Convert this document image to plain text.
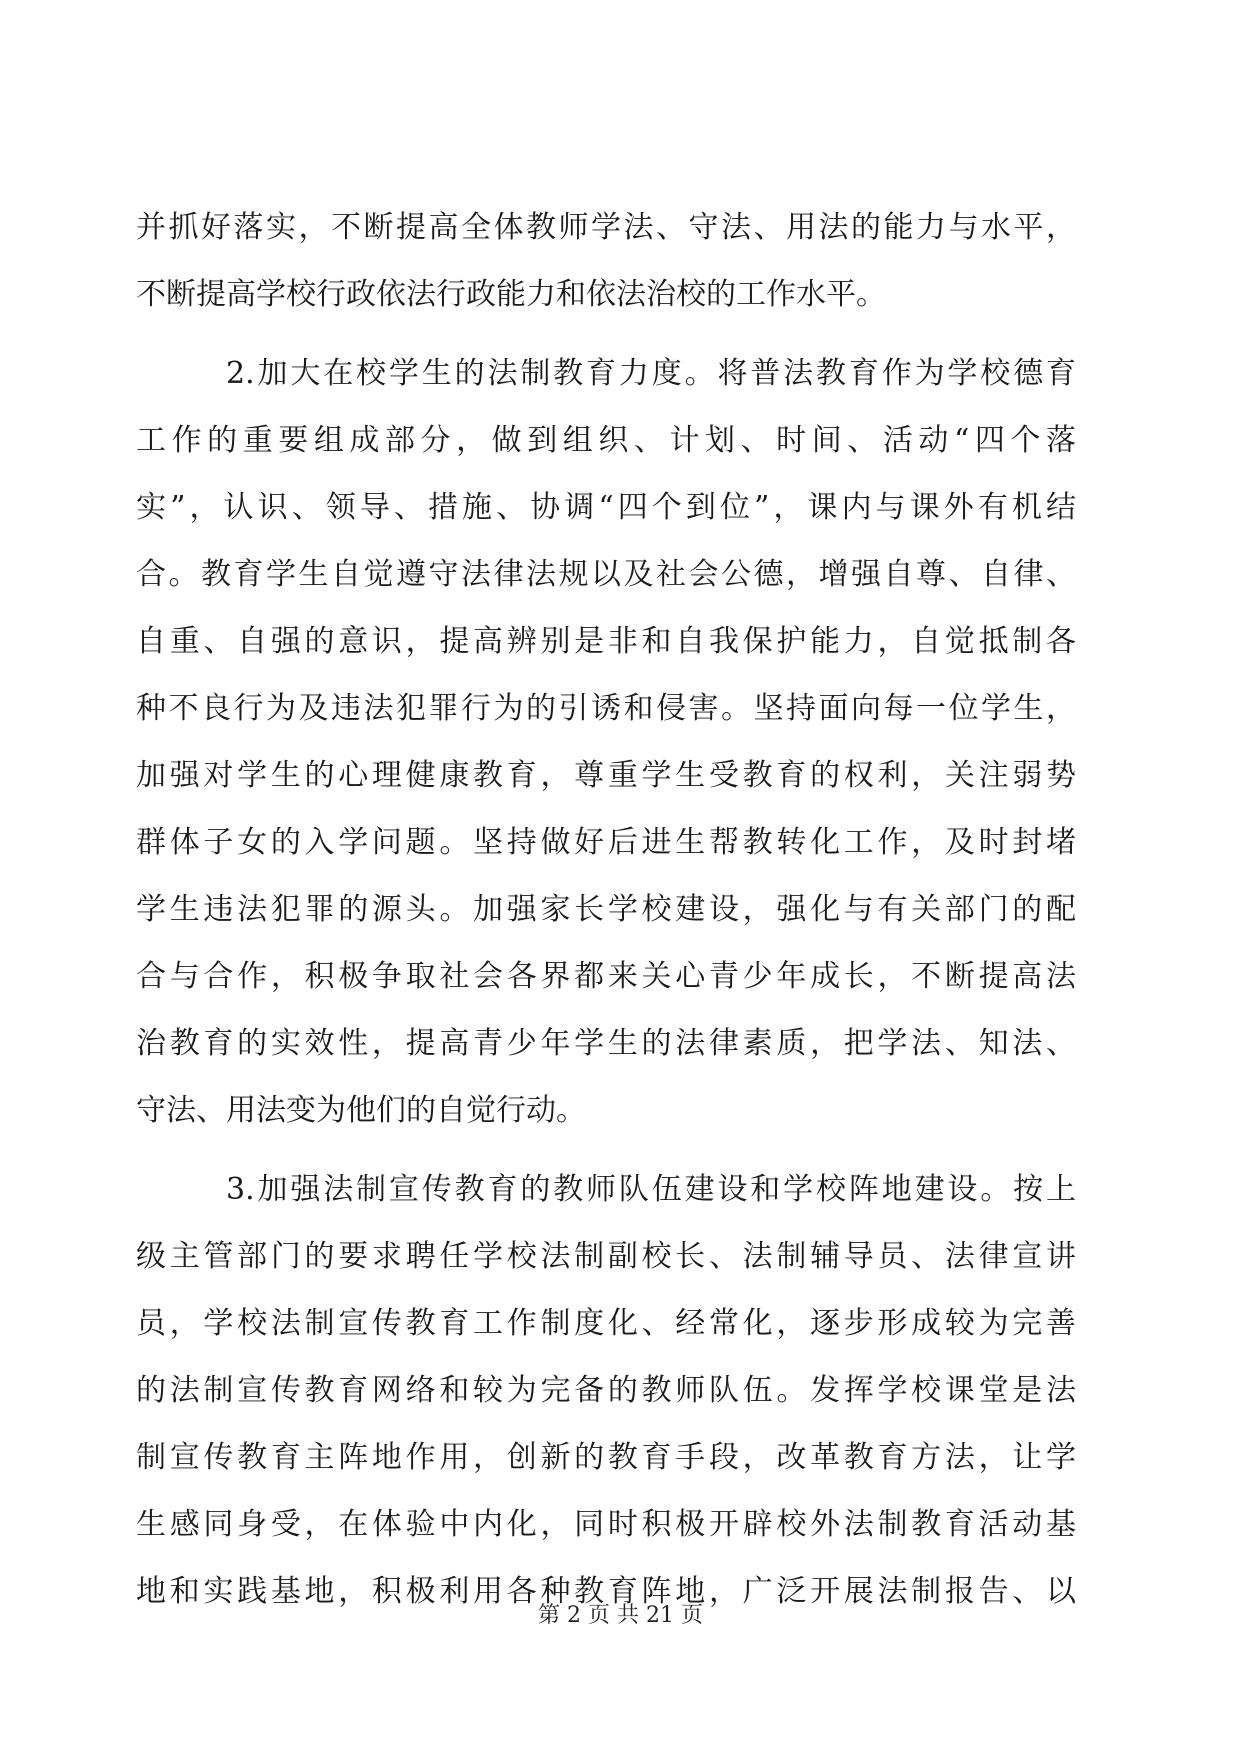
并抓好落实，不断提高全体教师学法、守法、用法的能力与水平，
不断提高学校行政依法行政能力和依法治校的工作水平。
2.加大在校学生的法制教育力度。将普法教育作为学校德育
工作的重要组成部分，做到组织、计划、时间、活动“四个落
实”，认识、领导、措施、协调“四个到位”，课内与课外有机结
合。教育学生自觉遵守法律法规以及社会公德，增强自尊、自律、
自重、自强的意识，提高辨别是非和自我保护能力，自觉抵制各
种不良行为及违法犯罪行为的引诱和侵害。坚持面向每一位学生，
加强对学生的心理健康教育，尊重学生受教育的权利，关注弱势
群体子女的入学问题。坚持做好后进生帮教转化工作，及时封堵
学生违法犯罪的源头。加强家长学校建设，强化与有关部门的配
合与合作，积极争取社会各界都来关心青少年成长，不断提高法
治教育的实效性，提高青少年学生的法律素质，把学法、知法、
守法、用法变为他们的自觉行动。
3.加强法制宣传教育的教师队伍建设和学校阵地建设。按上
级主管部门的要求聘任学校法制副校长、法制辅导员、法律宣讲
员，学校法制宣传教育工作制度化、经常化，逐步形成较为完善
的法制宣传教育网络和较为完备的教师队伍。发挥学校课堂是法
制宣传教育主阵地作用，创新的教育手段，改革教育方法，让学
生感同身受，在体验中内化，同时积极开辟校外法制教育活动基
地和实践基地，积极利用各种教育阵地，广泛开展法制报告、以
第 2 页 共 21 页
